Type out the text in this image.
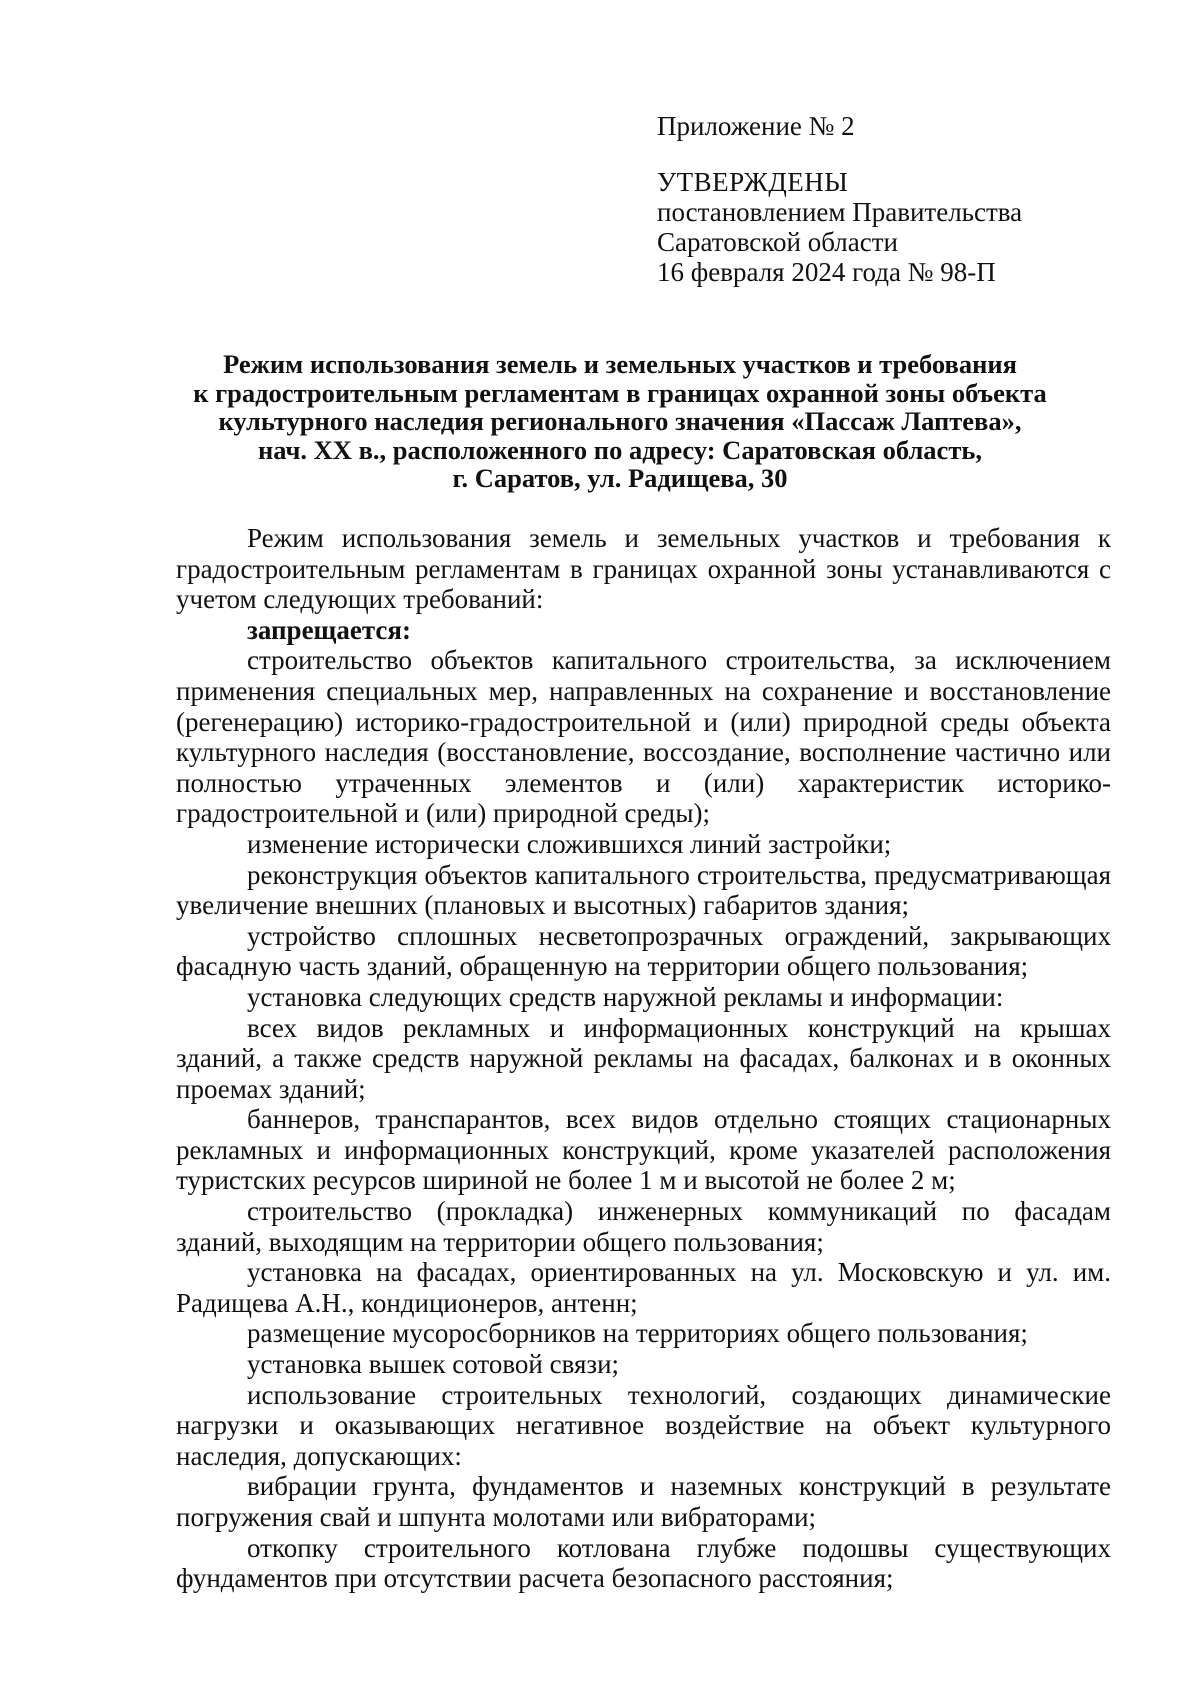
Приложение № 2
УТВЕРЖДЕНЫ
постановлением Правительства
Саратовской области
16 февраля 2024 года № 98-П
Режим использования земель и земельных участков и требования
к градостроительным регламентам в границах охранной зоны объекта
культурного наследия регионального значения «Пассаж Лаптева»,
нач. XX в., расположенного по адресу: Саратовская область,
г. Саратов, ул. Радищева, 30

Режим использования земель и земельных участков и требования к градостроительным регламентам в границах охранной зоны устанавливаются с учетом следующих требований:

запрещается:

строительство объектов капитального строительства, за исключением применения специальных мер, направленных на сохранение и восстановление (регенерацию) историко-градостроительной и (или) природной среды объекта культурного наследия (восстановление, воссоздание, восполнение частично или полностью утраченных элементов и (или) характеристик историко-градостроительной и (или) природной среды);

изменение исторически сложившихся линий застройки;

реконструкция объектов капитального строительства, предусматривающая увеличение внешних (плановых и высотных) габаритов здания;

устройство сплошных несветопрозрачных ограждений, закрывающих фасадную часть зданий, обращенную на территории общего пользования;

установка следующих средств наружной рекламы и информации:

всех видов рекламных и информационных конструкций на крышах зданий, а также средств наружной рекламы на фасадах, балконах и в оконных проемах зданий;

баннеров, транспарантов, всех видов отдельно стоящих стационарных рекламных и информационных конструкций, кроме указателей расположения туристских ресурсов шириной не более 1 м и высотой не более 2 м;

строительство (прокладка) инженерных коммуникаций по фасадам зданий, выходящим на территории общего пользования;

установка на фасадах, ориентированных на ул. Московскую и ул. им. Радищева А.Н., кондиционеров, антенн;

размещение мусоросборников на территориях общего пользования;

установка вышек сотовой связи;

использование строительных технологий, создающих динамические нагрузки и оказывающих негативное воздействие на объект культурного наследия, допускающих:

вибрации грунта, фундаментов и наземных конструкций в результате погружения свай и шпунта молотами или вибраторами;

откопку строительного котлована глубже подошвы существующих фундаментов при отсутствии расчета безопасного расстояния;
